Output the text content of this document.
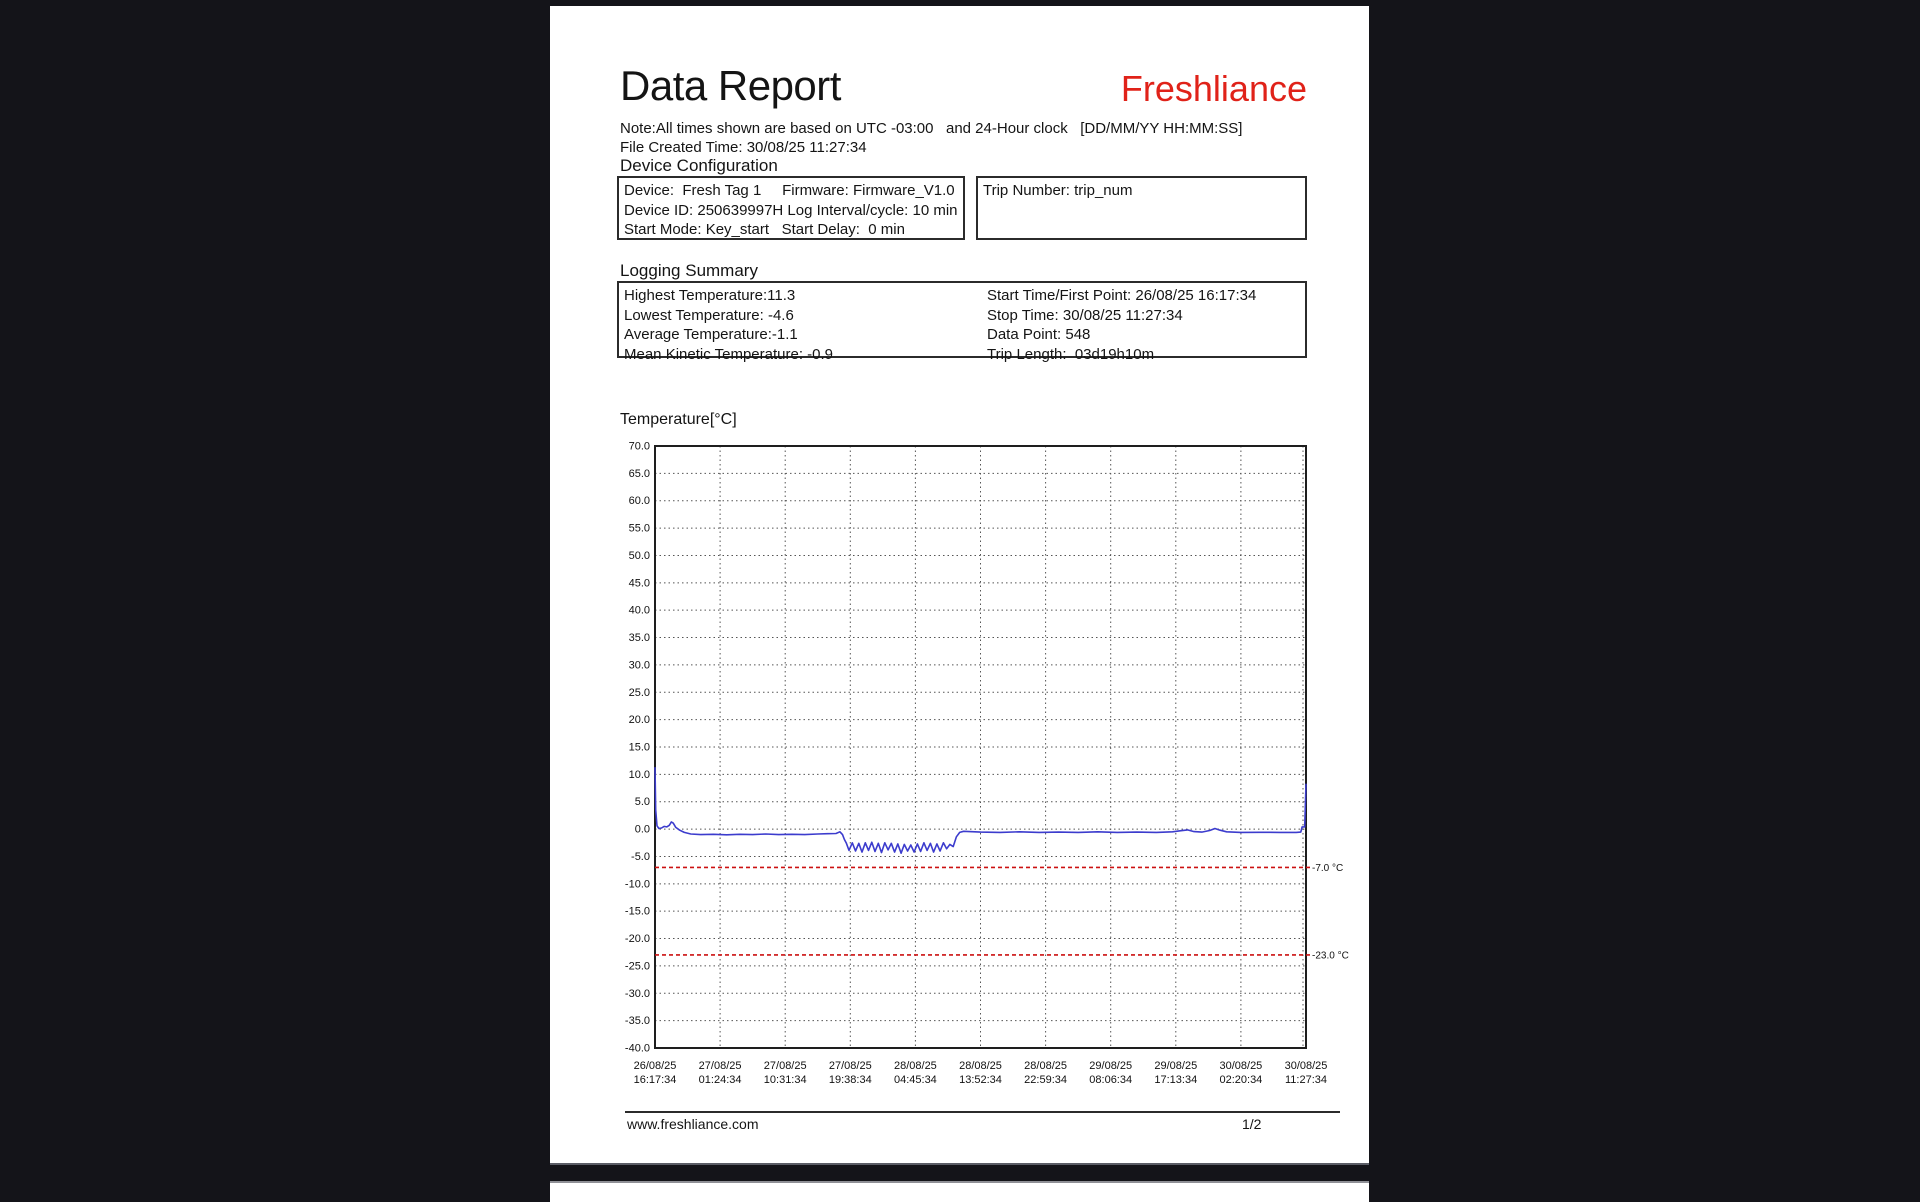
Data Report	Freshliance
Note:All times shown are based on UTC -03:00   and 24-Hour clock   [DD/MM/YY HH:MM:SS]
File Created Time: 30/08/25 11:27:34
Device Configuration
Device:  Fresh Tag 1     Firmware: Firmware_V1.0
Device ID: 250639997H Log Interval/cycle: 10 min
Start Mode: Key_start   Start Delay:  0 min
Trip Number: trip_num
Logging Summary
Highest Temperature:11.3
Lowest Temperature: -4.6
Average Temperature:-1.1
Mean Kinetic Temperature: -0.9
Start Time/First Point: 26/08/25 16:17:34
Stop Time: 30/08/25 11:27:34
Data Point: 548
Trip Length:  03d19h10m
Temperature[°C]
70.0
65.0
60.0
55.0
50.0
45.0
40.0
35.0
30.0
25.0
20.0
15.0
10.0
5.0
0.0
-5.0
-10.0
-15.0
-20.0
-25.0
-30.0
-35.0
-40.0
26/08/25
16:17:34
27/08/25
01:24:34
27/08/25
10:31:34
27/08/25
19:38:34
28/08/25
04:45:34
28/08/25
13:52:34
28/08/25
22:59:34
29/08/25
08:06:34
29/08/25
17:13:34
30/08/25
02:20:34
30/08/25
11:27:34
-7.0 °C
-23.0 °C
www.freshliance.com	1/2
